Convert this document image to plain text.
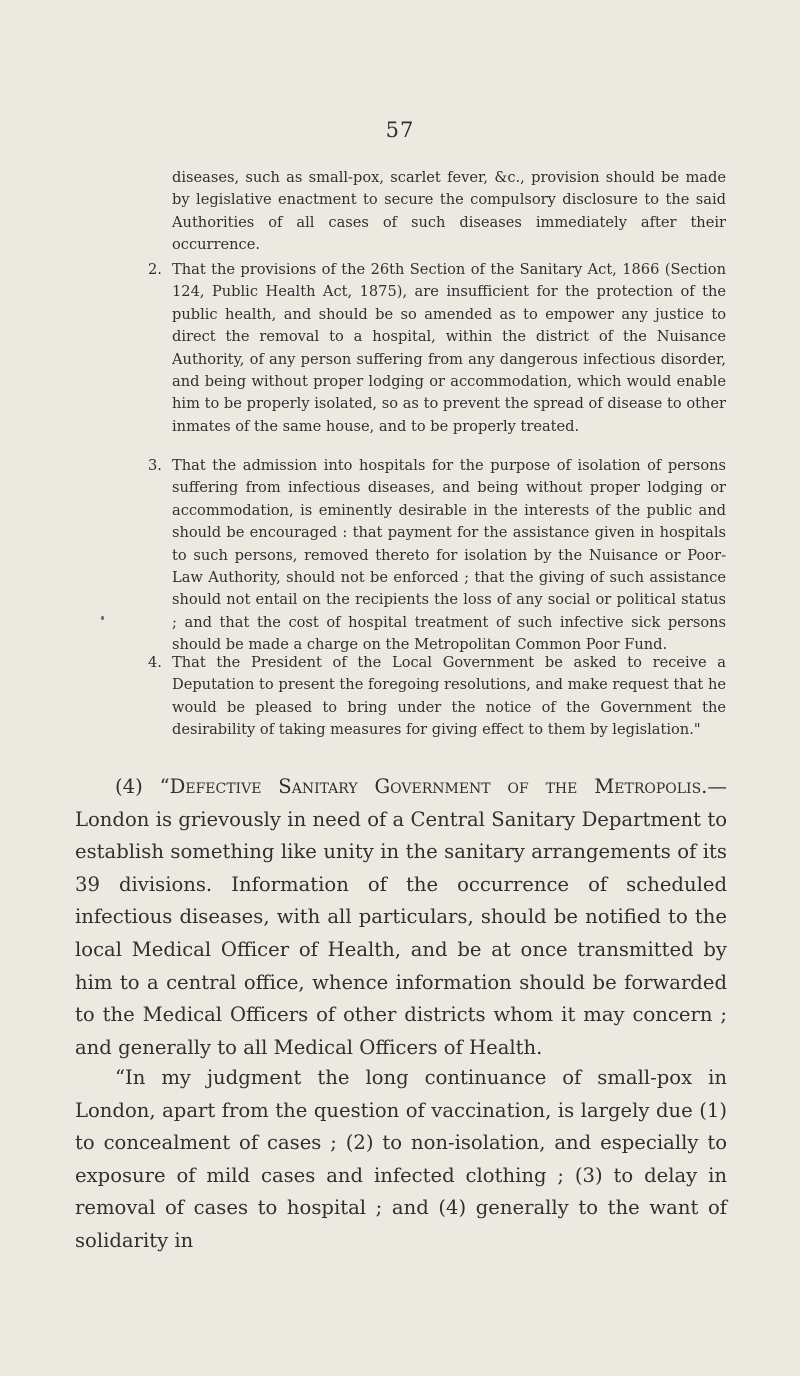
57
diseases, such as small-pox, scarlet fever, &c., provision should be made by legislative enactment to secure the compulsory disclosure to the said Authorities of all cases of such diseases immediately after their occurrence.
2. That the provisions of the 26th Section of the Sanitary Act, 1866 (Section 124, Public Health Act, 1875), are insufficient for the protection of the public health, and should be so amended as to empower any justice to direct the removal to a hospital, within the district of the Nuisance Authority, of any person suffering from any dangerous infectious disorder, and being without proper lodging or accommodation, which would enable him to be properly isolated, so as to prevent the spread of disease to other inmates of the same house, and to be properly treated.
3. That the admission into hospitals for the purpose of isolation of persons suffering from infectious diseases, and being without proper lodging or accommodation, is eminently desirable in the interests of the public and should be encouraged : that payment for the assistance given in hospitals to such persons, removed thereto for isolation by the Nuisance or Poor-Law Authority, should not be enforced ; that the giving of such assistance should not entail on the recipients the loss of any social or political status ; and that the cost of hospital treatment of such infective sick persons should be made a charge on the Metropolitan Common Poor Fund.
4. That the President of the Local Government be asked to receive a Deputation to present the foregoing resolutions, and make request that he would be pleased to bring under the notice of the Government the desirability of taking measures for giving effect to them by legislation."
(4) “Defective Sanitary Government of the Metropolis.— London is grievously in need of a Central Sanitary Department to establish something like unity in the sanitary arrangements of its 39 divisions. Information of the occurrence of scheduled infectious diseases, with all particulars, should be notified to the local Medical Officer of Health, and be at once transmitted by him to a central office, whence information should be forwarded to the Medical Officers of other districts whom it may concern ; and generally to all Medical Officers of Health.
“In my judgment the long continuance of small-pox in London, apart from the question of vaccination, is largely due (1) to concealment of cases ; (2) to non-isolation, and especially to exposure of mild cases and infected clothing ; (3) to delay in removal of cases to hospital ; and (4) generally to the want of solidarity in
